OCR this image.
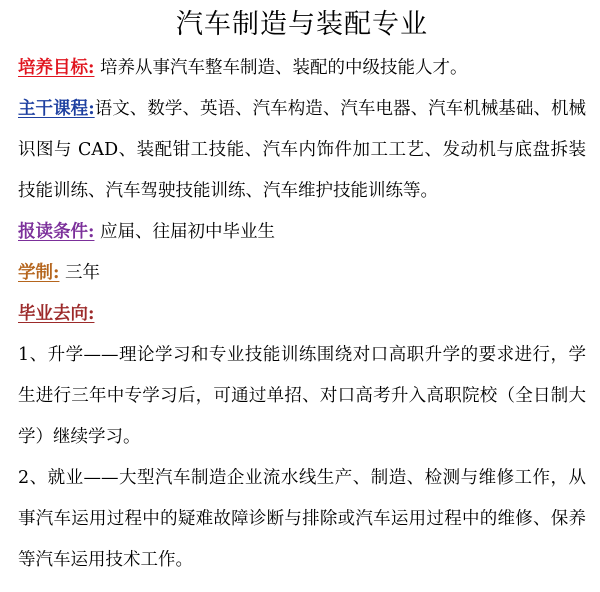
汽车制造与装配专业
培养目标: 培养从事汽车整车制造、装配的中级技能人才。
主干课程:语文、数学、英语、汽车构造、汽车电器、汽车机械基础、机械识图与 CAD、装配钳工技能、汽车内饰件加工工艺、发动机与底盘拆装技能训练、汽车驾驶技能训练、汽车维护技能训练等。
报读条件: 应届、往届初中毕业生
学制: 三年
毕业去向:
1、升学——理论学习和专业技能训练围绕对口高职升学的要求进行，学生进行三年中专学习后，可通过单招、对口高考升入高职院校（全日制大学）继续学习。
2、就业——大型汽车制造企业流水线生产、制造、检测与维修工作，从事汽车运用过程中的疑难故障诊断与排除或汽车运用过程中的维修、保养等汽车运用技术工作。
